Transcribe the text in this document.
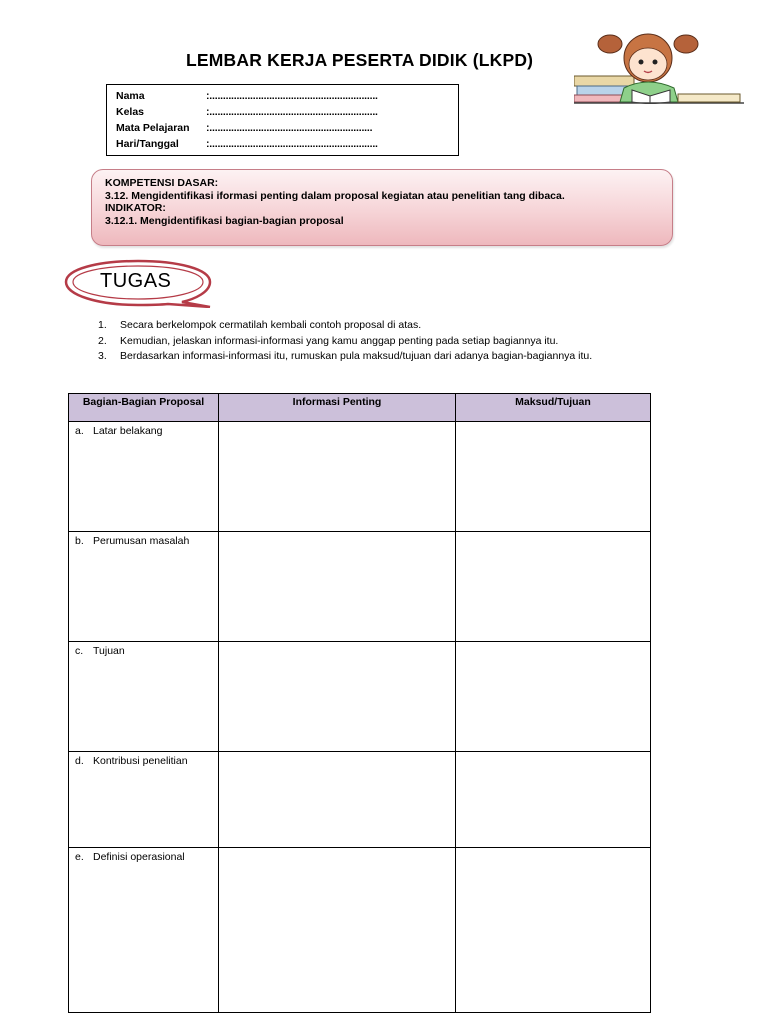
LEMBAR KERJA PESERTA DIDIK (LKPD)
Nama	:..............................................................
Kelas	:..............................................................
Mata Pelajaran	:............................................................
Hari/Tanggal	:..............................................................
KOMPETENSI DASAR:
3.12. Mengidentifikasi iformasi penting dalam proposal kegiatan atau penelitian tang dibaca.
INDIKATOR:
3.12.1. Mengidentifikasi bagian-bagian proposal
TUGAS
1.	Secara berkelompok cermatilah kembali contoh proposal di atas.
2.	Kemudian, jelaskan informasi-informasi yang kamu anggap penting pada setiap bagiannya itu.
3.	Berdasarkan informasi-informasi itu, rumuskan pula maksud/tujuan dari adanya bagian-bagiannya itu.
Bagian-Bagian Proposal	Informasi Penting	Maksud/Tujuan

a. Latar belakang		

b. Perumusan masalah		

c. Tujuan		

d. Kontribusi penelitian		

e. Definisi operasional		
